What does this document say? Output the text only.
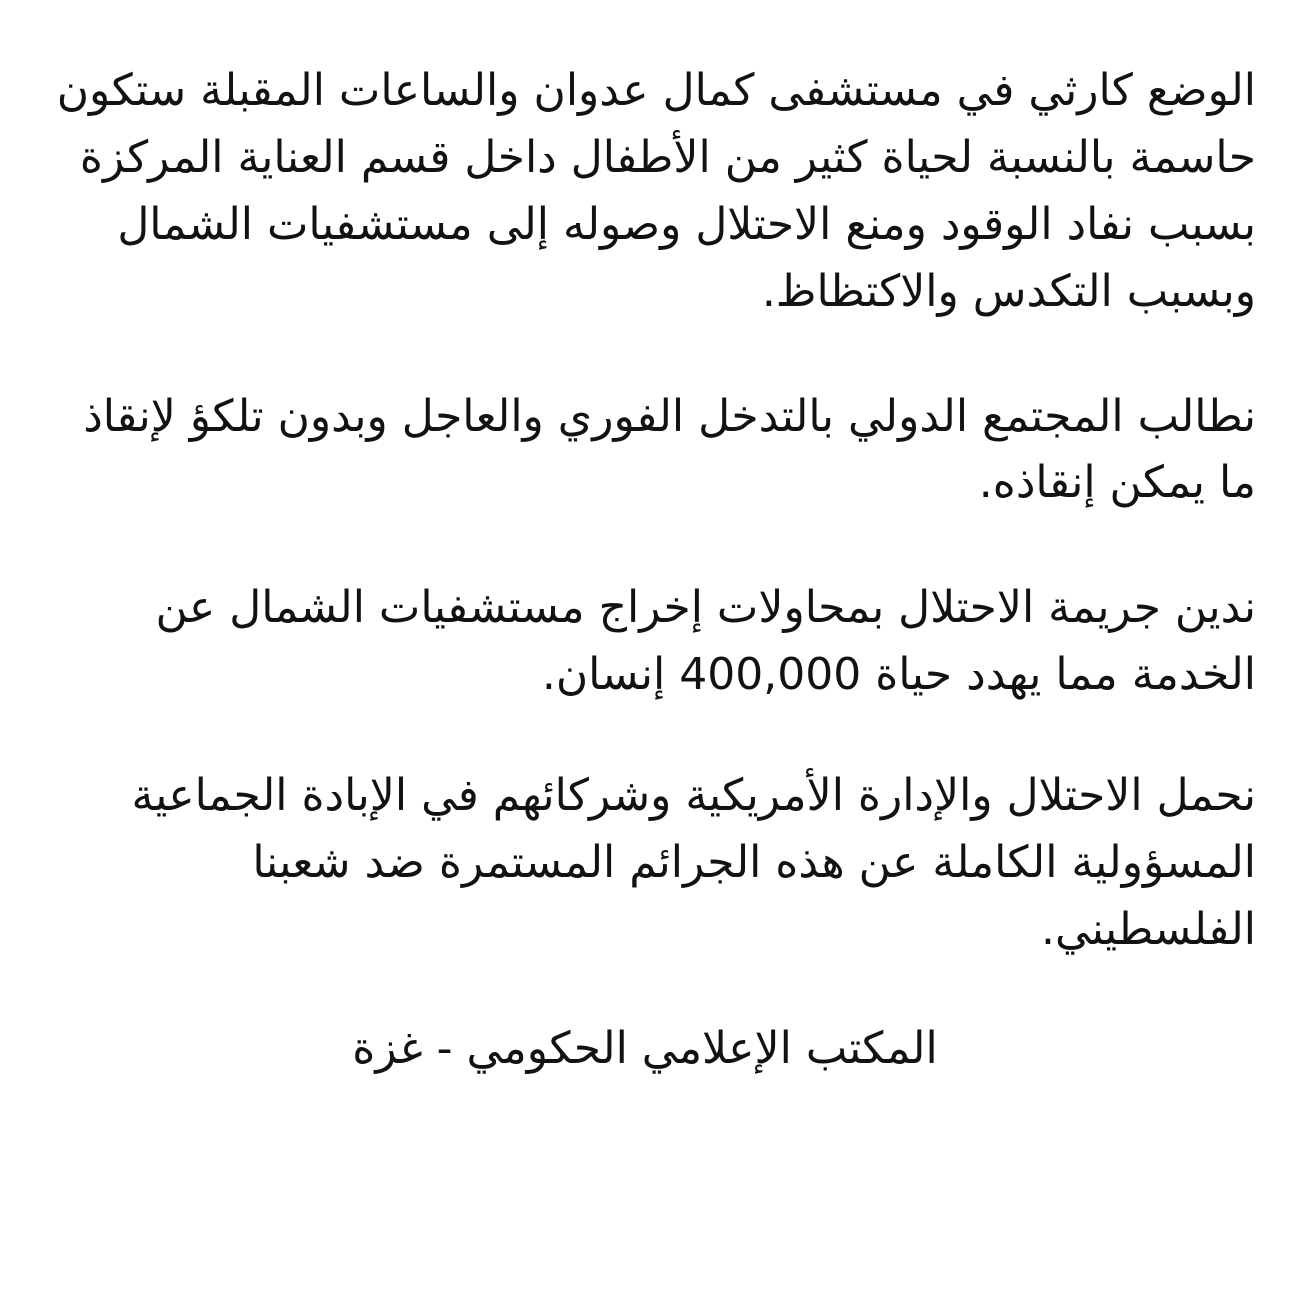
الوضع كارثي في مستشفى كمال عدوان والساعات المقبلة ستكون حاسمة بالنسبة لحياة كثير من الأطفال داخل قسم العناية المركزة بسبب نفاد الوقود ومنع الاحتلال وصوله إلى مستشفيات الشمال وبسبب التكدس والاكتظاظ.

نطالب المجتمع الدولي بالتدخل الفوري والعاجل وبدون تلكؤ لإنقاذ ما يمكن إنقاذه.

ندين جريمة الاحتلال بمحاولات إخراج مستشفيات الشمال عن الخدمة مما يهدد حياة 400,000 إنسان.

نحمل الاحتلال والإدارة الأمريكية وشركائهم في الإبادة الجماعية المسؤولية الكاملة عن هذه الجرائم المستمرة ضد شعبنا الفلسطيني.

المكتب الإعلامي الحكومي - غزة
